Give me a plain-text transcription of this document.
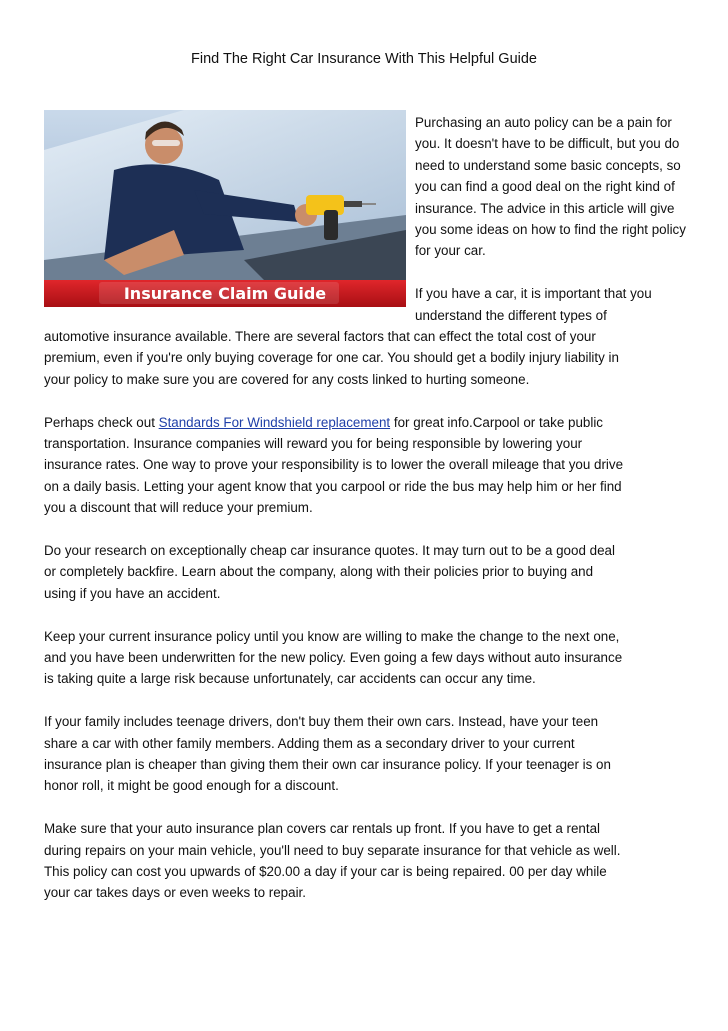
Find The Right Car Insurance With This Helpful Guide
Insurance Claim Guide

Purchasing an auto policy can be a pain for you. It doesn't have to be difficult, but you do need to understand some basic concepts, so you can find a good deal on the right kind of insurance. The advice in this article will give you some ideas on how to find the right policy for your car.

If you have a car, it is important that you understand the different types of

automotive insurance available. There are several factors that can effect the total cost of your
premium, even if you're only buying coverage for one car. You should get a bodily injury liability in
your policy to make sure you are covered for any costs linked to hurting someone.

Perhaps check out Standards For Windshield replacement for great info.Carpool or take public
transportation. Insurance companies will reward you for being responsible by lowering your
insurance rates. One way to prove your responsibility is to lower the overall mileage that you drive
on a daily basis. Letting your agent know that you carpool or ride the bus may help him or her find
you a discount that will reduce your premium.

Do your research on exceptionally cheap car insurance quotes. It may turn out to be a good deal
or completely backfire. Learn about the company, along with their policies prior to buying and
using if you have an accident.

Keep your current insurance policy until you know are willing to make the change to the next one,
and you have been underwritten for the new policy. Even going a few days without auto insurance
is taking quite a large risk because unfortunately, car accidents can occur any time.

If your family includes teenage drivers, don't buy them their own cars. Instead, have your teen
share a car with other family members. Adding them as a secondary driver to your current
insurance plan is cheaper than giving them their own car insurance policy. If your teenager is on
honor roll, it might be good enough for a discount.

Make sure that your auto insurance plan covers car rentals up front. If you have to get a rental
during repairs on your main vehicle, you'll need to buy separate insurance for that vehicle as well.
This policy can cost you upwards of $20.00 a day if your car is being repaired. 00 per day while
your car takes days or even weeks to repair.
